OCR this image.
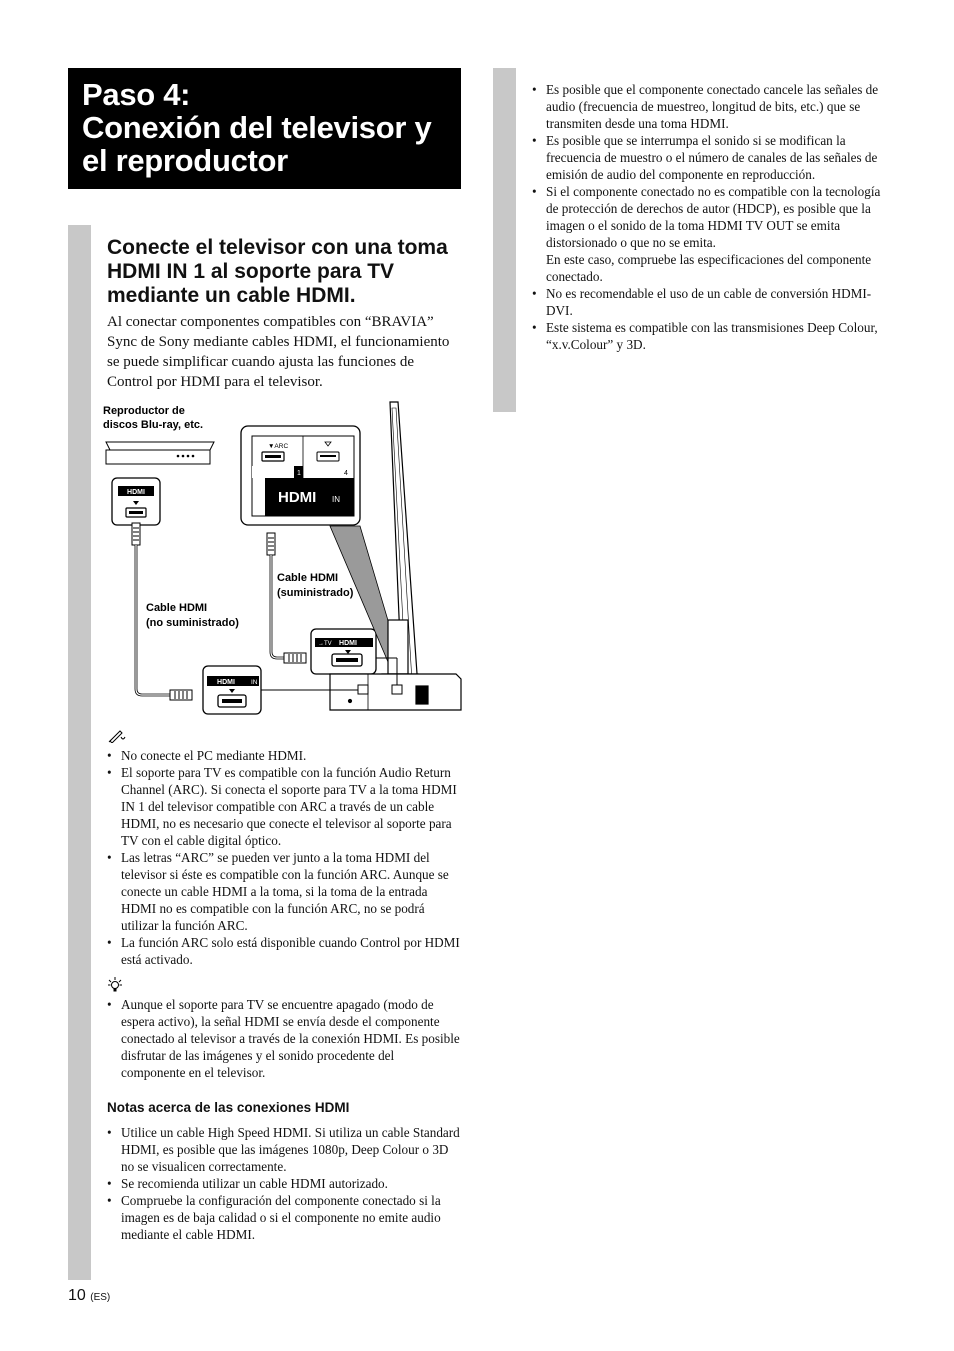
Paso 4:
Conexión del televisor y
el reproductor
Conecte el televisor con una toma HDMI IN 1 al soporte para TV mediante un cable HDMI.

Al conectar componentes compatibles con “BRAVIA” Sync de Sony mediante cables HDMI, el funcionamiento se puede simplificar cuando ajusta las funciones de Control por HDMI para el televisor.

Reproductor de
discos Blu-ray, etc.
Cable HDMI
(suministrado)
Cable HDMI
(no suministrado)
HDMI
HDMI IN
▼ARC
1	4
HDMI IN
→TV HDMI
• No conecte el PC mediante HDMI.
• El soporte para TV es compatible con la función Audio Return Channel (ARC). Si conecta el soporte para TV a la toma HDMI IN 1 del televisor compatible con ARC a través de un cable HDMI, no es necesario que conecte el televisor al soporte para TV con el cable digital óptico.
• Las letras “ARC” se pueden ver junto a la toma HDMI del televisor si éste es compatible con la función ARC. Aunque se conecte un cable HDMI a la toma, si la toma de la entrada HDMI no es compatible con la función ARC, no se podrá utilizar la función ARC.
• La función ARC solo está disponible cuando Control por HDMI está activado.
• Aunque el soporte para TV se encuentre apagado (modo de espera activo), la señal HDMI se envía desde el componente conectado al televisor a través de la conexión HDMI. Es posible disfrutar de las imágenes y el sonido procedente del componente en el televisor.
Notas acerca de las conexiones HDMI
• Utilice un cable High Speed HDMI. Si utiliza un cable Standard HDMI, es posible que las imágenes 1080p, Deep Colour o 3D no se visualicen correctamente.
• Se recomienda utilizar un cable HDMI autorizado.
• Compruebe la configuración del componente conectado si la imagen es de baja calidad o si el componente no emite audio mediante el cable HDMI.
• Es posible que el componente conectado cancele las señales de audio (frecuencia de muestreo, longitud de bits, etc.) que se transmiten desde una toma HDMI.
• Es posible que se interrumpa el sonido si se modifican la frecuencia de muestro o el número de canales de las señales de emisión de audio del componente en reproducción.
• Si el componente conectado no es compatible con la tecnología de protección de derechos de autor (HDCP), es posible que la imagen o el sonido de la toma HDMI TV OUT se emita distorsionado o que no se emita.
En este caso, compruebe las especificaciones del componente conectado.
• No es recomendable el uso de un cable de conversión HDMI-DVI.
• Este sistema es compatible con las transmisiones Deep Colour, “x.v.Colour” y 3D.
10 (ES)
